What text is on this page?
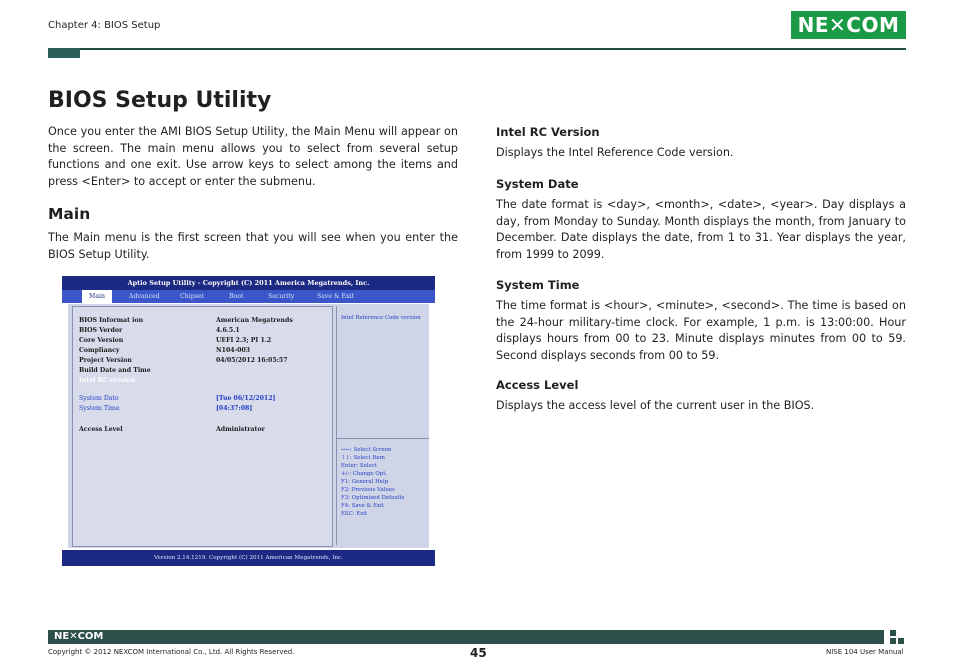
Chapter 4: BIOS Setup	NE✕COM
BIOS Setup Utility
Once you enter the AMI BIOS Setup Utility, the Main Menu will appear on the screen. The main menu allows you to select from several setup functions and one exit. Use arrow keys to select among the items and press <Enter> to accept or enter the submenu.
Main
The Main menu is the first screen that you will see when you enter the BIOS Setup Utility.
Aptio Setup Utility - Copyright (C) 2011 America Megatrends, Inc.
Main	Advanced	Chipset	Boot	Security	Save & Exit
BIOS Informat ion	American Megatrends
BIOS Verdor	4.6.5.1
Core Version	UEFI 2.3; PI 1.2
Compliancy	N104-003
Project Version	04/05/2012 16:05:57
Build Date and Time
Intel RC version
System Date	[Tue 06/12/2012]
System Time	[04:37:08]
Access Level	Administrator
Intel Reference Code version
→←: Select Screen
↑↓: Select Item
Enter: Select
+/-: Change Opt.
F1: General Help
F2: Previous Values
F3: Optimized Defaults
F4: Save & Exit
ESC: Exit
Version 2.14.1219. Copyright (C) 2011 American Megatrends, Inc.
Intel RC Version
Displays the Intel Reference Code version.
System Date
The date format is <day>, <month>, <date>, <year>. Day displays a day, from Monday to Sunday. Month displays the month, from January to December. Date displays the date, from 1 to 31. Year displays the year, from 1999 to 2099.
System Time
The time format is <hour>, <minute>, <second>. The time is based on the 24-hour military-time clock. For example, 1 p.m. is 13:00:00. Hour displays hours from 00 to 23. Minute displays minutes from 00 to 59. Second displays seconds from 00 to 59.
Access Level
Displays the access level of the current user in the BIOS.
NE✕COM
Copyright © 2012 NEXCOM International Co., Ltd. All Rights Reserved.	45	NISE 104 User Manual
